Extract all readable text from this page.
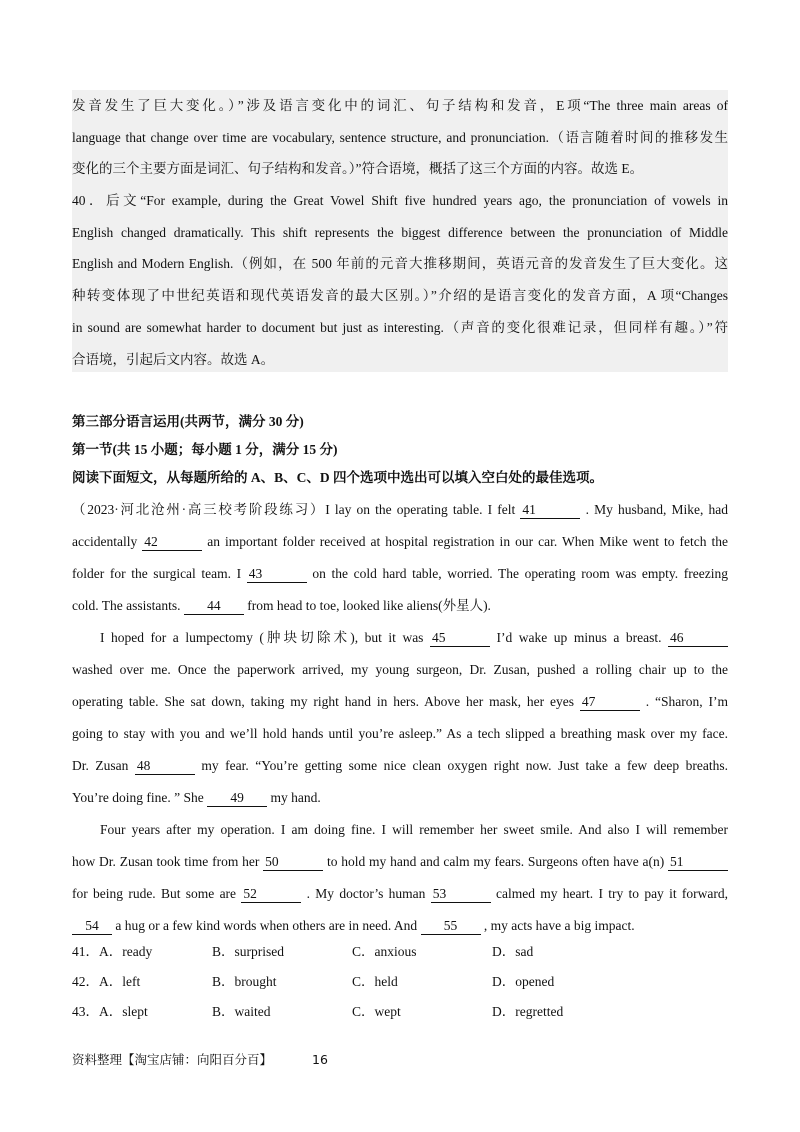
发音发生了巨大变化。）”涉及语言变化中的词汇、句子结构和发音，E项“The three main areas of
language that change over time are vocabulary, sentence structure, and pronunciation.（语言随着时间的推移发生
变化的三个主要方面是词汇、句子结构和发音。）”符合语境，概括了这三个方面的内容。故选 E。
40．后文“For example, during the Great Vowel Shift five hundred years ago, the pronunciation of vowels in
English changed dramatically. This shift represents the biggest difference between the pronunciation of Middle
English and Modern English.（例如，在 500 年前的元音大推移期间，英语元音的发音发生了巨大变化。这
种转变体现了中世纪英语和现代英语发音的最大区别。）”介绍的是语言变化的发音方面，A 项“Changes
in sound are somewhat harder to document but just as interesting.（声音的变化很难记录，但同样有趣。）”符
合语境，引起后文内容。故选 A。
第三部分语言运用(共两节，满分 30 分)
第一节(共 15 小题；每小题 1 分，满分 15 分)
阅读下面短文，从每题所给的 A、B、C、D 四个选项中选出可以填入空白处的最佳选项。
（2023·河北沧州·高三校考阶段练习）I lay on the operating table. I felt 41	. My husband, Mike, had
accidentally 42	an important folder received at hospital registration in our car. When Mike went to fetch the
folder for the surgical team. I 43	on the cold hard table, worried. The operating room was empty. freezing
cold. The assistants. 44 from head to toe, looked like aliens(外星人).
I hoped for a lumpectomy (肿块切除术), but it was 45	I’d wake up minus a breast. 46
washed over me. Once the paperwork arrived, my young surgeon, Dr. Zusan, pushed a rolling chair up to the
operating table. She sat down, taking my right hand in hers. Above her mask, her eyes 47	. “Sharon, I’m
going to stay with you and we’ll hold hands until you’re asleep.” As a tech slipped a breathing mask over my face.
Dr. Zusan 48	my fear. “You’re getting some nice clean oxygen right now. Just take a few deep breaths.
You’re doing fine. ” She 49 my hand.
Four years after my operation. I am doing fine. I will remember her sweet smile. And also I will remember
how Dr. Zusan took time from her 50	to hold my hand and calm my fears. Surgeons often have a(n) 51
for being rude. But some are 52	. My doctor’s human 53	calmed my heart. I try to pay it forward,
54 a hug or a few kind words when others are in need. And 55 , my acts have a big impact.
41．A．ready	B．surprised	C．anxious	D．sad
42．A．left	B．brought	C．held	D．opened
43．A．slept	B．waited	C．wept	D．regretted
资料整理【淘宝店铺：向阳百分百】	16
